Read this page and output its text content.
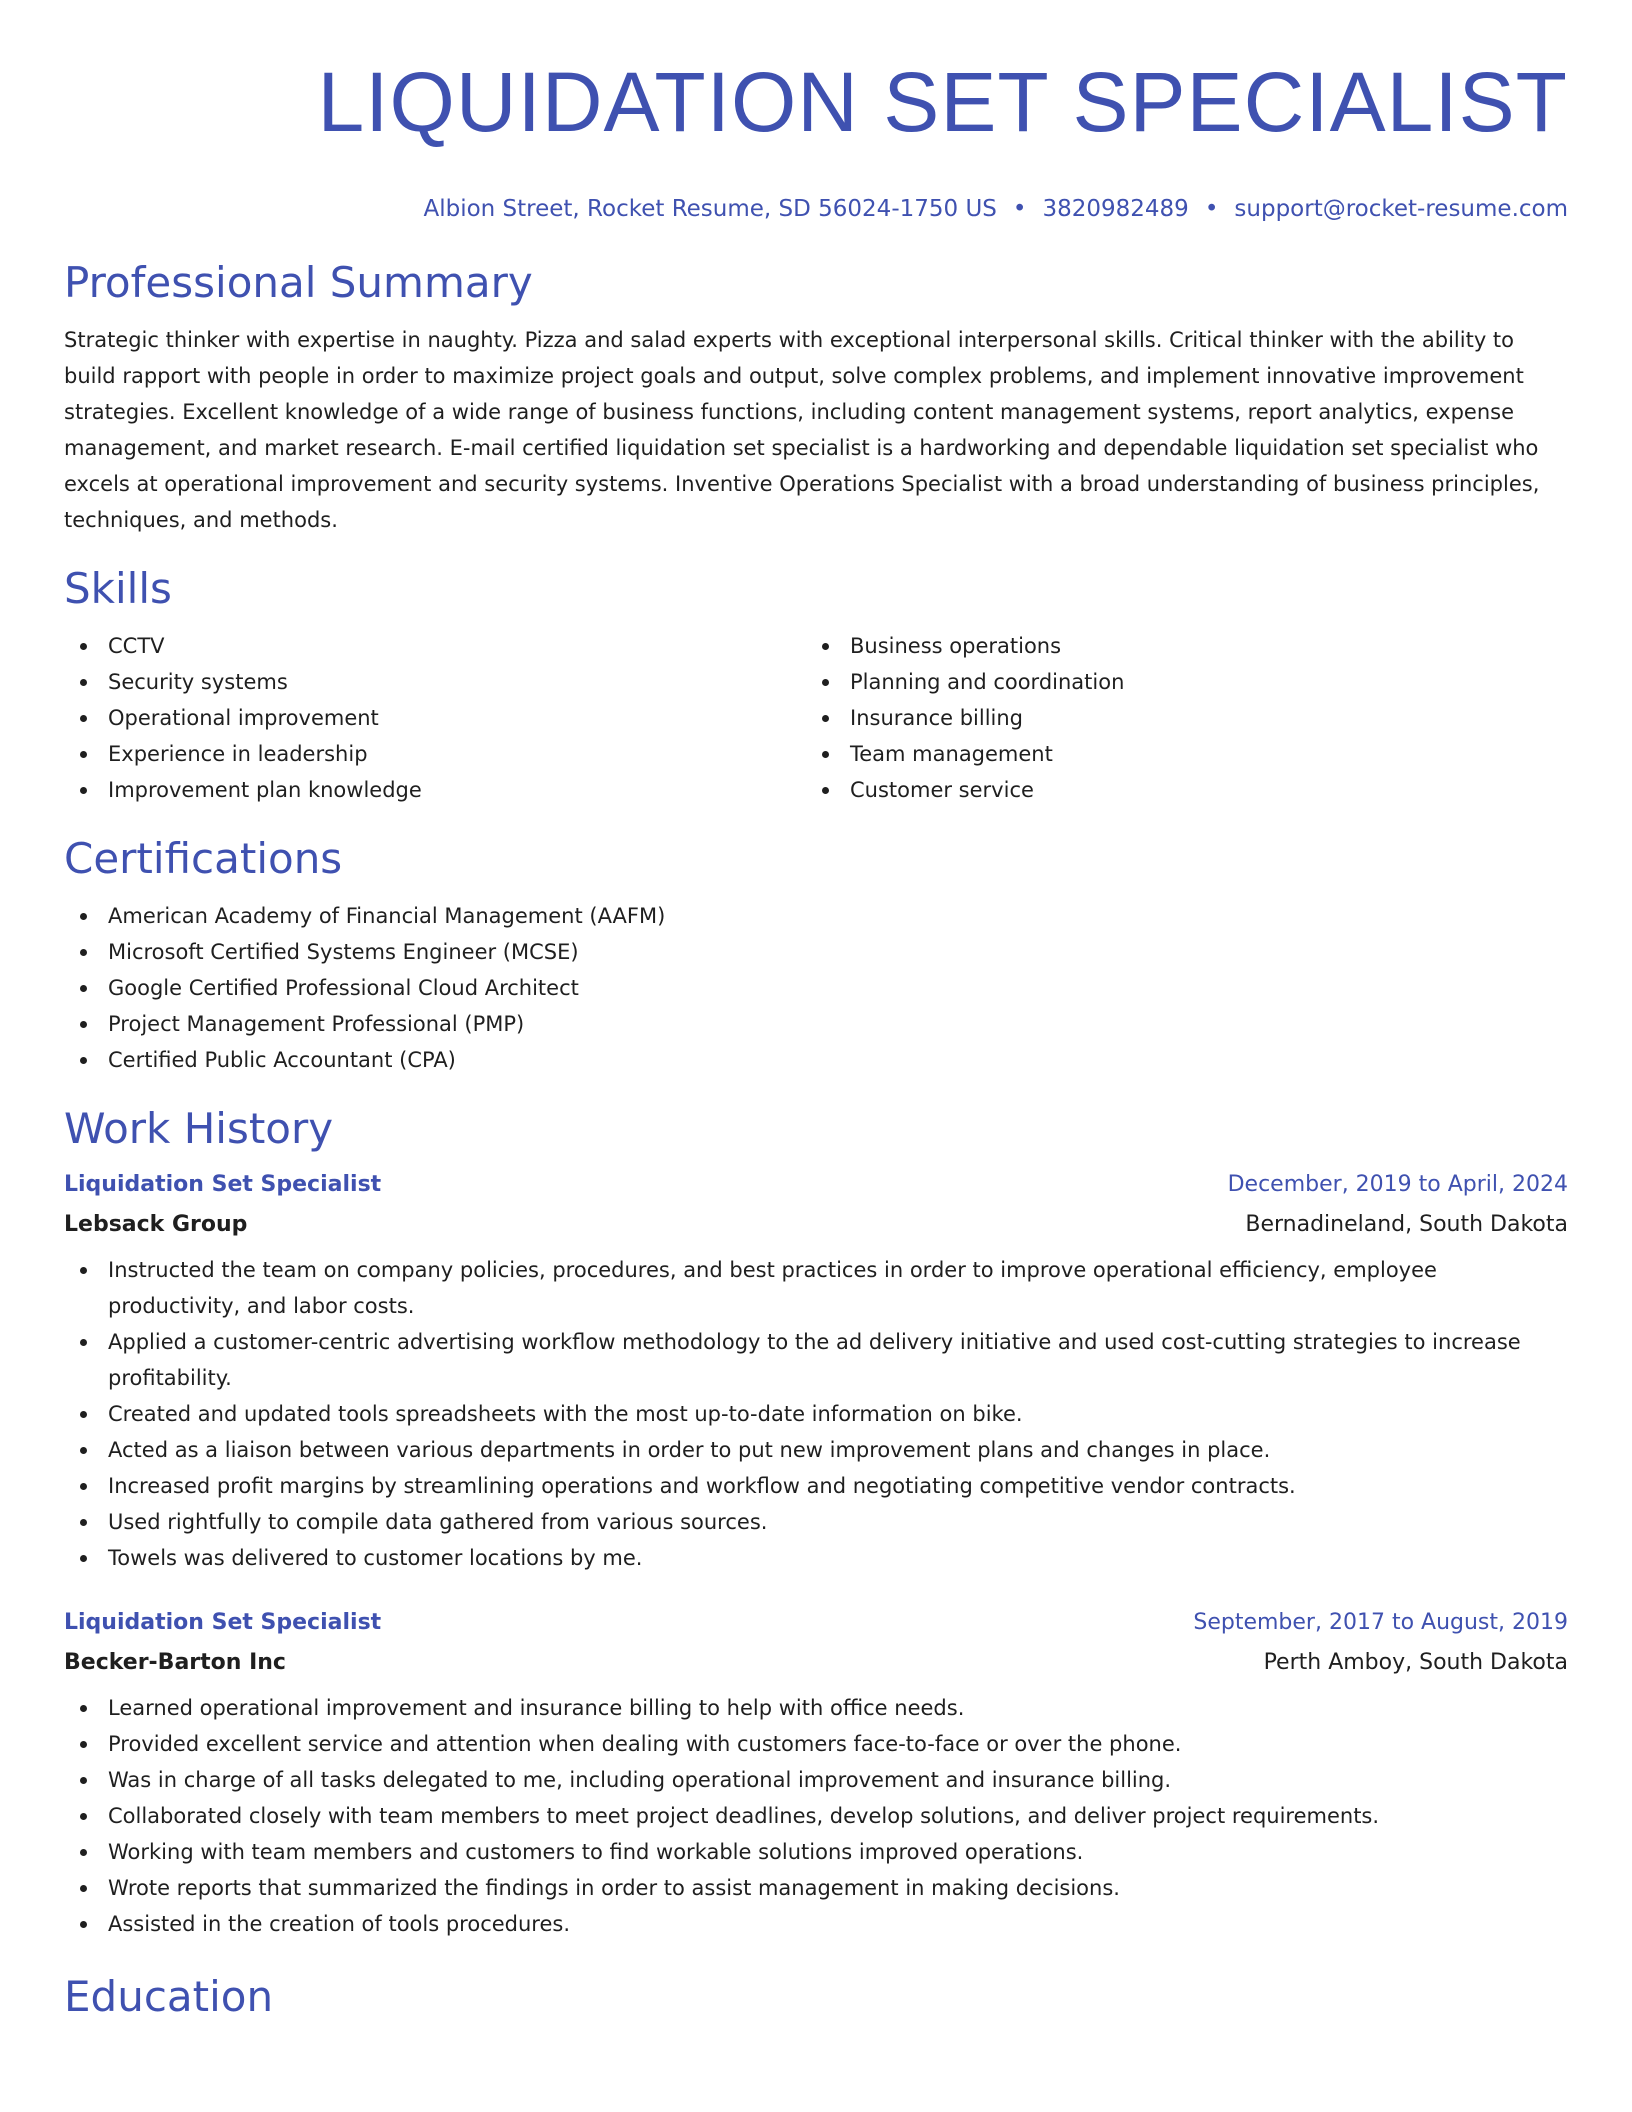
LIQUIDATION SET SPECIALIST
Albion Street, Rocket Resume, SD 56024-1750 US • 3820982489 • support@rocket-resume.com
Professional Summary

Strategic thinker with expertise in naughty. Pizza and salad experts with exceptional interpersonal skills. Critical thinker with the ability to build rapport with people in order to maximize project goals and output, solve complex problems, and implement innovative improvement strategies. Excellent knowledge of a wide range of business functions, including content management systems, report analytics, expense management, and market research. E-mail certified liquidation set specialist is a hardworking and dependable liquidation set specialist who excels at operational improvement and security systems. Inventive Operations Specialist with a broad understanding of business principles, techniques, and methods.

Skills
CCTV
Security systems
Operational improvement
Experience in leadership
Improvement plan knowledge
Business operations
Planning and coordination
Insurance billing
Team management
Customer service
Certifications
American Academy of Financial Management (AAFM)
Microsoft Certified Systems Engineer (MCSE)
Google Certified Professional Cloud Architect
Project Management Professional (PMP)
Certified Public Accountant (CPA)
Work History
Liquidation Set Specialist	December, 2019 to April, 2024
Lebsack Group	Bernadineland, South Dakota
Instructed the team on company policies, procedures, and best practices in order to improve operational efficiency, employee productivity, and labor costs.
Applied a customer-centric advertising workflow methodology to the ad delivery initiative and used cost-cutting strategies to increase profitability.
Created and updated tools spreadsheets with the most up-to-date information on bike.
Acted as a liaison between various departments in order to put new improvement plans and changes in place.
Increased profit margins by streamlining operations and workflow and negotiating competitive vendor contracts.
Used rightfully to compile data gathered from various sources.
Towels was delivered to customer locations by me.
Liquidation Set Specialist	September, 2017 to August, 2019
Becker-Barton Inc	Perth Amboy, South Dakota
Learned operational improvement and insurance billing to help with office needs.
Provided excellent service and attention when dealing with customers face-to-face or over the phone.
Was in charge of all tasks delegated to me, including operational improvement and insurance billing.
Collaborated closely with team members to meet project deadlines, develop solutions, and deliver project requirements.
Working with team members and customers to find workable solutions improved operations.
Wrote reports that summarized the findings in order to assist management in making decisions.
Assisted in the creation of tools procedures.
Education
